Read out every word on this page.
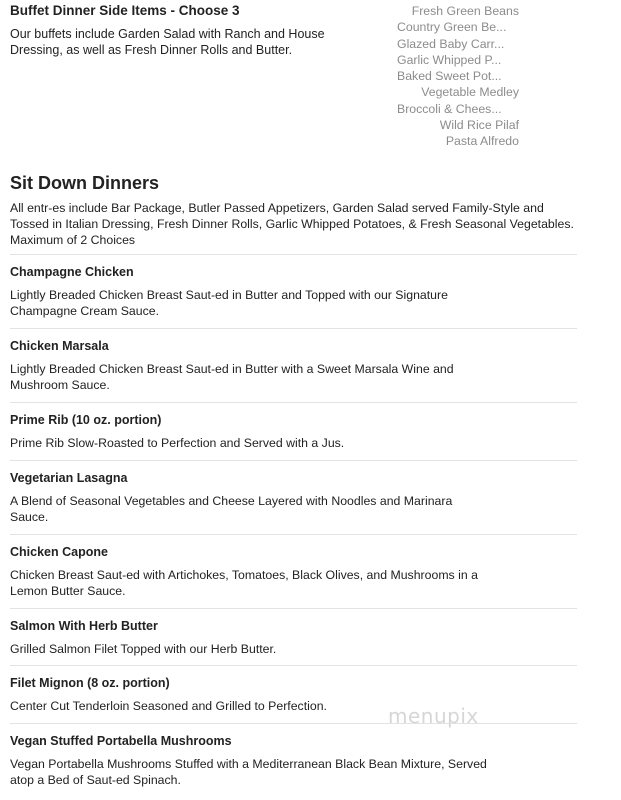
Buffet Dinner Side Items - Choose 3
Our buffets include Garden Salad with Ranch and House Dressing, as well as Fresh Dinner Rolls and Butter.
Fresh Green Beans
Country Green Be...
Glazed Baby Carr...
Garlic Whipped P...
Baked Sweet Pot...
Vegetable Medley
Broccoli & Chees...
Wild Rice Pilaf
Pasta Alfredo
Sit Down Dinners
All entr-es include Bar Package, Butler Passed Appetizers, Garden Salad served Family-Style and Tossed in Italian Dressing, Fresh Dinner Rolls, Garlic Whipped Potatoes, & Fresh Seasonal Vegetables. Maximum of 2 Choices
Champagne Chicken
Lightly Breaded Chicken Breast Saut-ed in Butter and Topped with our Signature Champagne Cream Sauce.
Chicken Marsala
Lightly Breaded Chicken Breast Saut-ed in Butter with a Sweet Marsala Wine and Mushroom Sauce.
Prime Rib (10 oz. portion)
Prime Rib Slow-Roasted to Perfection and Served with a Jus.
Vegetarian Lasagna
A Blend of Seasonal Vegetables and Cheese Layered with Noodles and Marinara Sauce.
Chicken Capone
Chicken Breast Saut-ed with Artichokes, Tomatoes, Black Olives, and Mushrooms in a Lemon Butter Sauce.
Salmon With Herb Butter
Grilled Salmon Filet Topped with our Herb Butter.
Filet Mignon (8 oz. portion)
Center Cut Tenderloin Seasoned and Grilled to Perfection.
Vegan Stuffed Portabella Mushrooms
Vegan Portabella Mushrooms Stuffed with a Mediterranean Black Bean Mixture, Served atop a Bed of Saut-ed Spinach.
menupix
